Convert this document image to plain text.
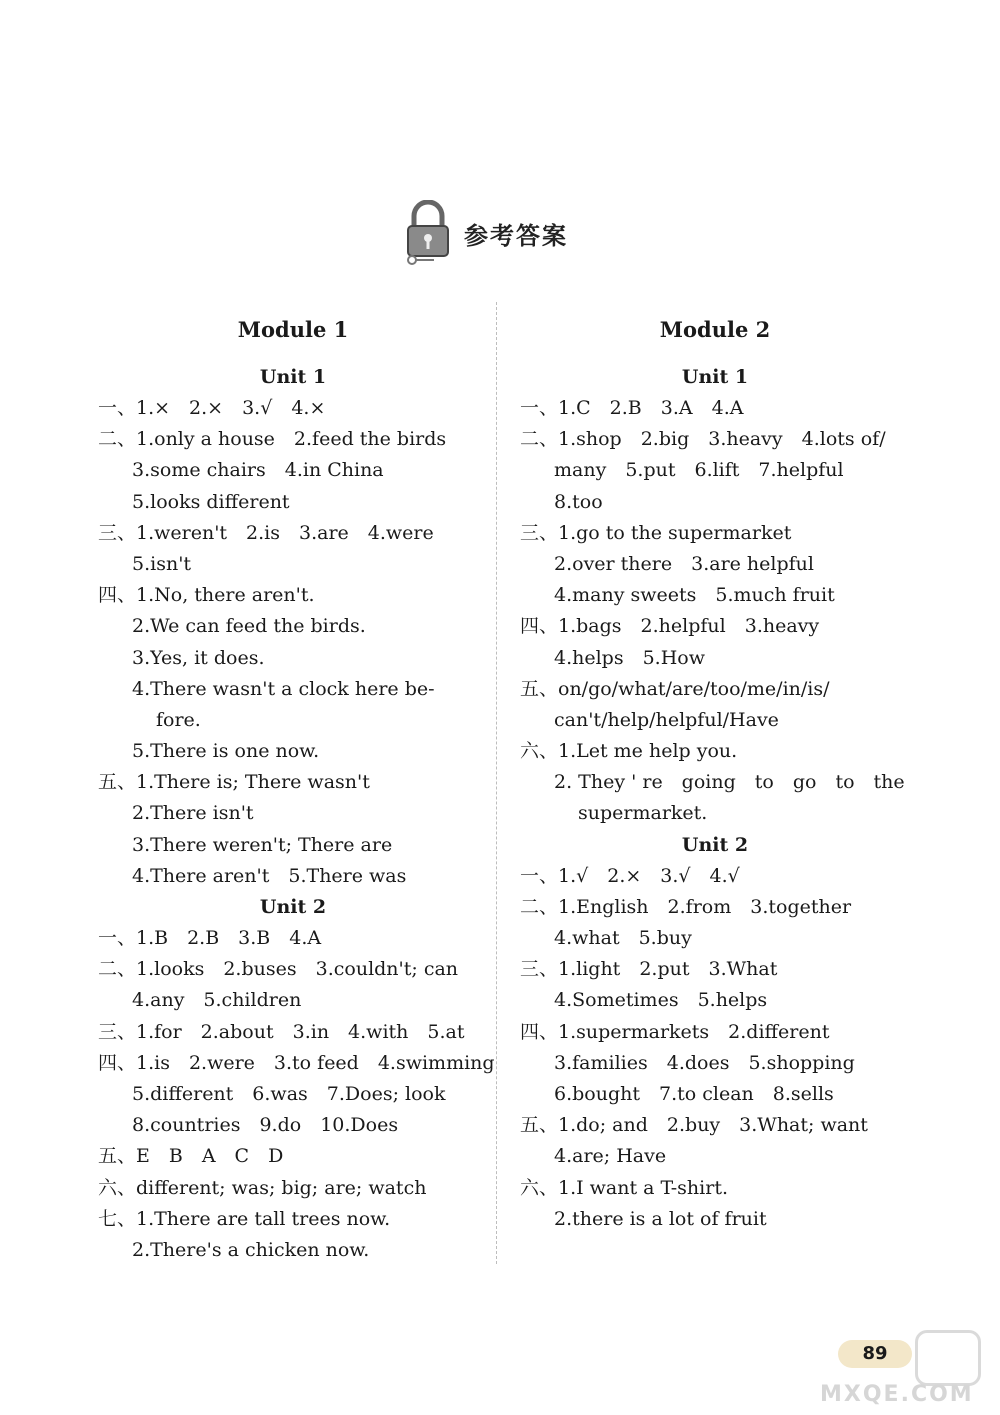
参考答案
Module 1
Unit 1
一、1.×　2.×　3.√　4.×
二、1.only a house　2.feed the birds
3.some chairs　4.in China
5.looks different
三、1.weren't　2.is　3.are　4.were
5.isn't
四、1.No, there aren't.
2.We can feed the birds.
3.Yes, it does.
4.There wasn't a clock here be-
fore.
5.There is one now.
五、1.There is; There wasn't
2.There isn't
3.There weren't; There are
4.There aren't　5.There was
Unit 2
一、1.B　2.B　3.B　4.A
二、1.looks　2.buses　3.couldn't; can
4.any　5.children
三、1.for　2.about　3.in　4.with　5.at
四、1.is　2.were　3.to feed　4.swimming
5.different　6.was　7.Does; look
8.countries　9.do　10.Does
五、E　B　A　C　D
六、different; was; big; are; watch
七、1.There are tall trees now.
2.There's a chicken now.
Module 2
Unit 1
一、1.C　2.B　3.A　4.A
二、1.shop　2.big　3.heavy　4.lots of/
many　5.put　6.lift　7.helpful
8.too
三、1.go to the supermarket
2.over there　3.are helpful
4.many sweets　5.much fruit
四、1.bags　2.helpful　3.heavy
4.helps　5.How
五、on/go/what/are/too/me/in/is/
can't/help/helpful/Have
六、1.Let me help you.
2. They ' re　going　to　go　to　the
supermarket.
Unit 2
一、1.√　2.×　3.√　4.√
二、1.English　2.from　3.together
4.what　5.buy
三、1.light　2.put　3.What
4.Sometimes　5.helps
四、1.supermarkets　2.different
3.families　4.does　5.shopping
6.bought　7.to clean　8.sells
五、1.do; and　2.buy　3.What; want
4.are; Have
六、1.I want a T-shirt.
2.there is a lot of fruit
89
MXQE.COM
